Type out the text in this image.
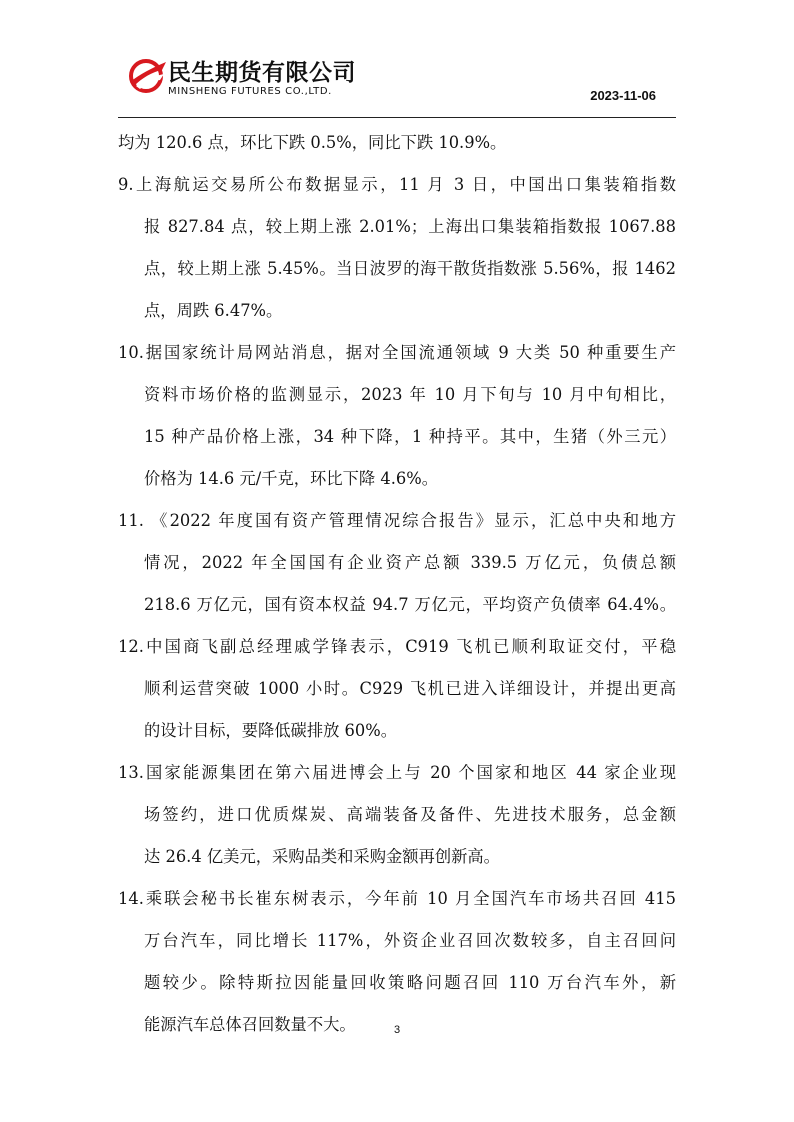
民生期货有限公司
MINSHENG FUTURES CO.,LTD.	2023-11-06

均为 120.6 点，环比下跌 0.5%，同比下跌 10.9%。

9.上海航运交易所公布数据显示，11 月 3 日，中国出口集装箱指数

报 827.84 点，较上期上涨 2.01%；上海出口集装箱指数报 1067.88

点，较上期上涨 5.45%。当日波罗的海干散货指数涨 5.56%，报 1462

点，周跌 6.47%。

10.据国家统计局网站消息，据对全国流通领域 9 大类 50 种重要生产

资料市场价格的监测显示，2023 年 10 月下旬与 10 月中旬相比，

15 种产品价格上涨，34 种下降，1 种持平。其中，生猪（外三元）

价格为 14.6 元/千克，环比下降 4.6%。

11. 《2022 年度国有资产管理情况综合报告》显示，汇总中央和地方

情况，2022 年全国国有企业资产总额 339.5 万亿元，负债总额

218.6 万亿元，国有资本权益 94.7 万亿元，平均资产负债率 64.4%。

12.中国商飞副总经理戚学锋表示，C919 飞机已顺利取证交付，平稳

顺利运营突破 1000 小时。C929 飞机已进入详细设计，并提出更高

的设计目标，要降低碳排放 60%。

13.国家能源集团在第六届进博会上与 20 个国家和地区 44 家企业现

场签约，进口优质煤炭、高端装备及备件、先进技术服务，总金额

达 26.4 亿美元，采购品类和采购金额再创新高。

14.乘联会秘书长崔东树表示，今年前 10 月全国汽车市场共召回 415

万台汽车，同比增长 117%，外资企业召回次数较多，自主召回问

题较少。除特斯拉因能量回收策略问题召回 110 万台汽车外，新

能源汽车总体召回数量不大。	3
